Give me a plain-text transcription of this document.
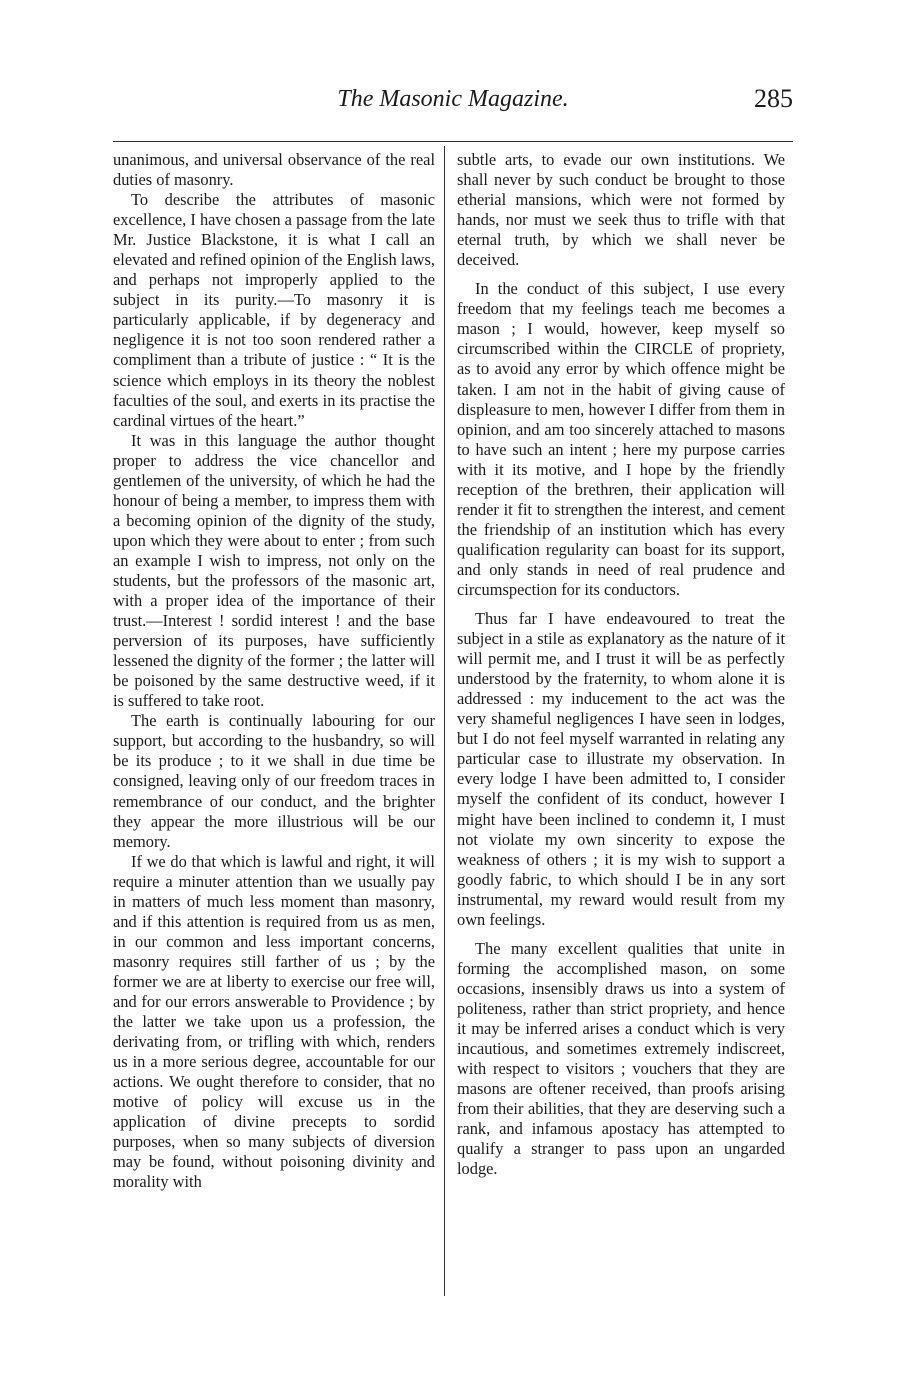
The Masonic Magazine.	285

unanimous, and universal observance of the real duties of masonry.

To describe the attributes of masonic excellence, I have chosen a passage from the late Mr. Justice Blackstone, it is what I call an elevated and refined opinion of the English laws, and perhaps not improperly applied to the subject in its purity.—To masonry it is particularly applicable, if by degeneracy and negligence it is not too soon rendered rather a compliment than a tribute of justice : “ It is the science which employs in its theory the noblest faculties of the soul, and exerts in its practise the cardinal virtues of the heart.”

It was in this language the author thought proper to address the vice chancellor and gentlemen of the university, of which he had the honour of being a member, to impress them with a becoming opinion of the dignity of the study, upon which they were about to enter ; from such an example I wish to impress, not only on the students, but the professors of the masonic art, with a proper idea of the importance of their trust.—Interest ! sordid interest ! and the base perversion of its purposes, have sufficiently lessened the dignity of the former ; the latter will be poisoned by the same destructive weed, if it is suffered to take root.

The earth is continually labouring for our support, but according to the husbandry, so will be its produce ; to it we shall in due time be consigned, leaving only of our freedom traces in remembrance of our conduct, and the brighter they appear the more illustrious will be our memory.

If we do that which is lawful and right, it will require a minuter attention than we usually pay in matters of much less moment than masonry, and if this attention is required from us as men, in our common and less important concerns, masonry requires still farther of us ; by the former we are at liberty to exercise our free will, and for our errors answerable to Providence ; by the latter we take upon us a profession, the derivating from, or trifling with which, renders us in a more serious degree, accountable for our actions. We ought therefore to consider, that no motive of policy will excuse us in the application of divine precepts to sordid purposes, when so many subjects of diversion may be found, without poisoning divinity and morality with

subtle arts, to evade our own institutions. We shall never by such conduct be brought to those etherial mansions, which were not formed by hands, nor must we seek thus to trifle with that eternal truth, by which we shall never be deceived.

In the conduct of this subject, I use every freedom that my feelings teach me becomes a mason ; I would, however, keep myself so circumscribed within the CIRCLE of propriety, as to avoid any error by which offence might be taken. I am not in the habit of giving cause of displeasure to men, however I differ from them in opinion, and am too sincerely attached to masons to have such an intent ; here my purpose carries with it its motive, and I hope by the friendly reception of the brethren, their application will render it fit to strengthen the interest, and cement the friendship of an institution which has every qualification regularity can boast for its support, and only stands in need of real prudence and circumspection for its conductors.

Thus far I have endeavoured to treat the subject in a stile as explanatory as the nature of it will permit me, and I trust it will be as perfectly understood by the fraternity, to whom alone it is addressed : my inducement to the act was the very shameful negligences I have seen in lodges, but I do not feel myself warranted in relating any particular case to illustrate my observation. In every lodge I have been admitted to, I consider myself the confident of its conduct, however I might have been inclined to condemn it, I must not violate my own sincerity to expose the weakness of others ; it is my wish to support a goodly fabric, to which should I be in any sort instrumental, my reward would result from my own feelings.

The many excellent qualities that unite in forming the accomplished mason, on some occasions, insensibly draws us into a system of politeness, rather than strict propriety, and hence it may be inferred arises a conduct which is very incautious, and sometimes extremely indiscreet, with respect to visitors ; vouchers that they are masons are oftener received, than proofs arising from their abilities, that they are deserving such a rank, and infamous apostacy has attempted to qualify a stranger to pass upon an ungarded lodge.
